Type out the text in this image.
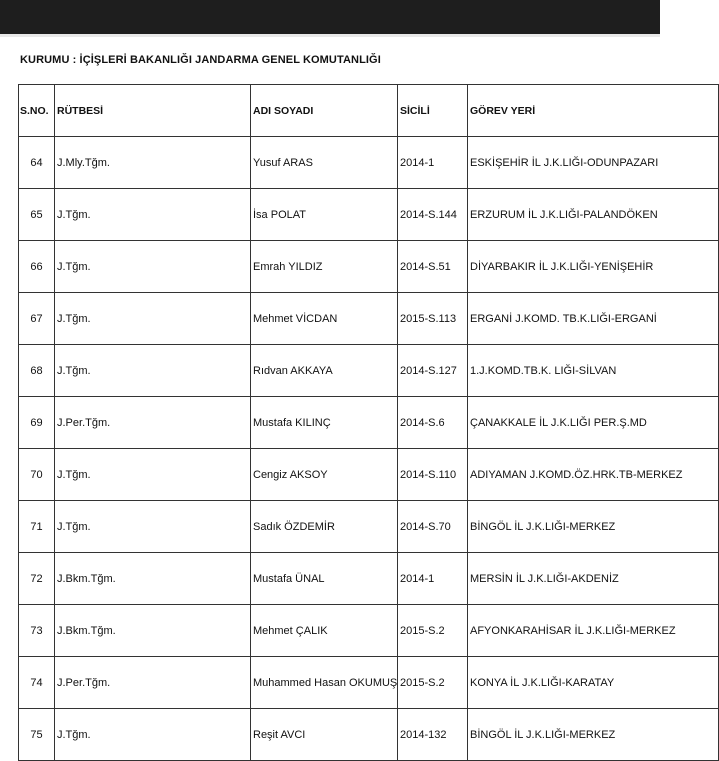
KURUMU : İÇİŞLERİ BAKANLIĞI JANDARMA GENEL KOMUTANLIĞI
S.NO.	RÜTBESİ	ADI SOYADI	SİCİLİ	GÖREV YERİ
64	J.Mly.Tğm.	Yusuf ARAS	2014-1	ESKİŞEHİR İL J.K.LIĞI-ODUNPAZARI
65	J.Tğm.	İsa POLAT	2014-S.144	ERZURUM İL J.K.LIĞI-PALANDÖKEN
66	J.Tğm.	Emrah YILDIZ	2014-S.51	DİYARBAKIR İL J.K.LIĞI-YENİŞEHİR
67	J.Tğm.	Mehmet VİCDAN	2015-S.113	ERGANİ J.KOMD. TB.K.LIĞI-ERGANİ
68	J.Tğm.	Rıdvan AKKAYA	2014-S.127	1.J.KOMD.TB.K. LIĞI-SİLVAN
69	J.Per.Tğm.	Mustafa KILINÇ	2014-S.6	ÇANAKKALE İL J.K.LIĞI PER.Ş.MD
70	J.Tğm.	Cengiz AKSOY	2014-S.110	ADIYAMAN J.KOMD.ÖZ.HRK.TB-MERKEZ
71	J.Tğm.	Sadık ÖZDEMİR	2014-S.70	BİNGÖL İL J.K.LIĞI-MERKEZ
72	J.Bkm.Tğm.	Mustafa ÜNAL	2014-1	MERSİN İL J.K.LIĞI-AKDENİZ
73	J.Bkm.Tğm.	Mehmet ÇALIK	2015-S.2	AFYONKARAHİSAR İL J.K.LIĞI-MERKEZ
74	J.Per.Tğm.	Muhammed Hasan OKUMUŞ	2015-S.2	KONYA İL J.K.LIĞI-KARATAY
75	J.Tğm.	Reşit AVCI	2014-132	BİNGÖL İL J.K.LIĞI-MERKEZ
